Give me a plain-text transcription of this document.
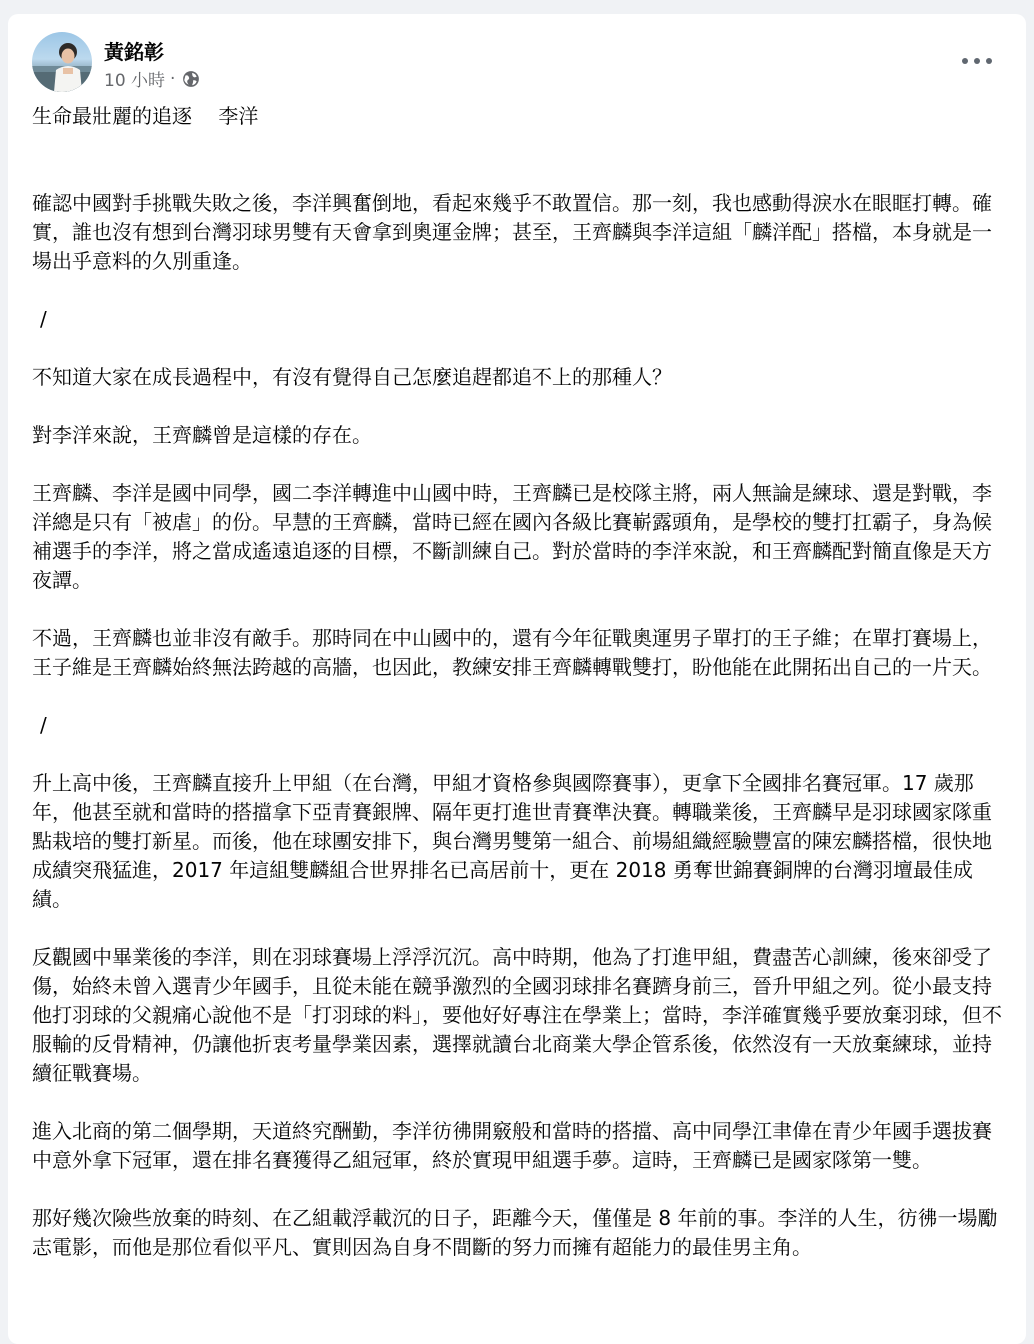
黃銘彰
10 小時 ·

生命最壯麗的追逐　 李洋

確認中國對手挑戰失敗之後，李洋興奮倒地，看起來幾乎不敢置信。那一刻，我也感動得淚水在眼眶打轉。確實，誰也沒有想到台灣羽球男雙有天會拿到奧運金牌；甚至，王齊麟與李洋這組「麟洋配」搭檔，本身就是一場出乎意料的久別重逢。

/

不知道大家在成長過程中，有沒有覺得自己怎麼追趕都追不上的那種人？

對李洋來說，王齊麟曾是這樣的存在。

王齊麟、李洋是國中同學，國二李洋轉進中山國中時，王齊麟已是校隊主將，兩人無論是練球、還是對戰，李洋總是只有「被虐」的份。早慧的王齊麟，當時已經在國內各級比賽嶄露頭角，是學校的雙打扛霸子，身為候補選手的李洋，將之當成遙遠追逐的目標，不斷訓練自己。對於當時的李洋來說，和王齊麟配對簡直像是天方夜譚。

不過，王齊麟也並非沒有敵手。那時同在中山國中的，還有今年征戰奧運男子單打的王子維；在單打賽場上，王子維是王齊麟始終無法跨越的高牆，也因此，教練安排王齊麟轉戰雙打，盼他能在此開拓出自己的一片天。

/

升上高中後，王齊麟直接升上甲組（在台灣，甲組才資格參與國際賽事），更拿下全國排名賽冠軍。17 歲那年，他甚至就和當時的搭擋拿下亞青賽銀牌、隔年更打進世青賽準決賽。轉職業後，王齊麟早是羽球國家隊重點栽培的雙打新星。而後，他在球團安排下，與台灣男雙第一組合、前場組織經驗豐富的陳宏麟搭檔，很快地成績突飛猛進，2017 年這組雙麟組合世界排名已高居前十，更在 2018 勇奪世錦賽銅牌的台灣羽壇最佳成績。

反觀國中畢業後的李洋，則在羽球賽場上浮浮沉沉。高中時期，他為了打進甲組，費盡苦心訓練，後來卻受了傷，始終未曾入選青少年國手，且從未能在競爭激烈的全國羽球排名賽躋身前三，晉升甲組之列。從小最支持他打羽球的父親痛心說他不是「打羽球的料」，要他好好專注在學業上；當時，李洋確實幾乎要放棄羽球，但不服輸的反骨精神，仍讓他折衷考量學業因素，選擇就讀台北商業大學企管系後，依然沒有一天放棄練球，並持續征戰賽場。

進入北商的第二個學期，天道終究酬勤，李洋彷彿開竅般和當時的搭擋、高中同學江聿偉在青少年國手選拔賽中意外拿下冠軍，還在排名賽獲得乙組冠軍，終於實現甲組選手夢。這時，王齊麟已是國家隊第一雙。

那好幾次險些放棄的時刻、在乙組載浮載沉的日子，距離今天，僅僅是 8 年前的事。李洋的人生，彷彿一場勵志電影，而他是那位看似平凡、實則因為自身不間斷的努力而擁有超能力的最佳男主角。
